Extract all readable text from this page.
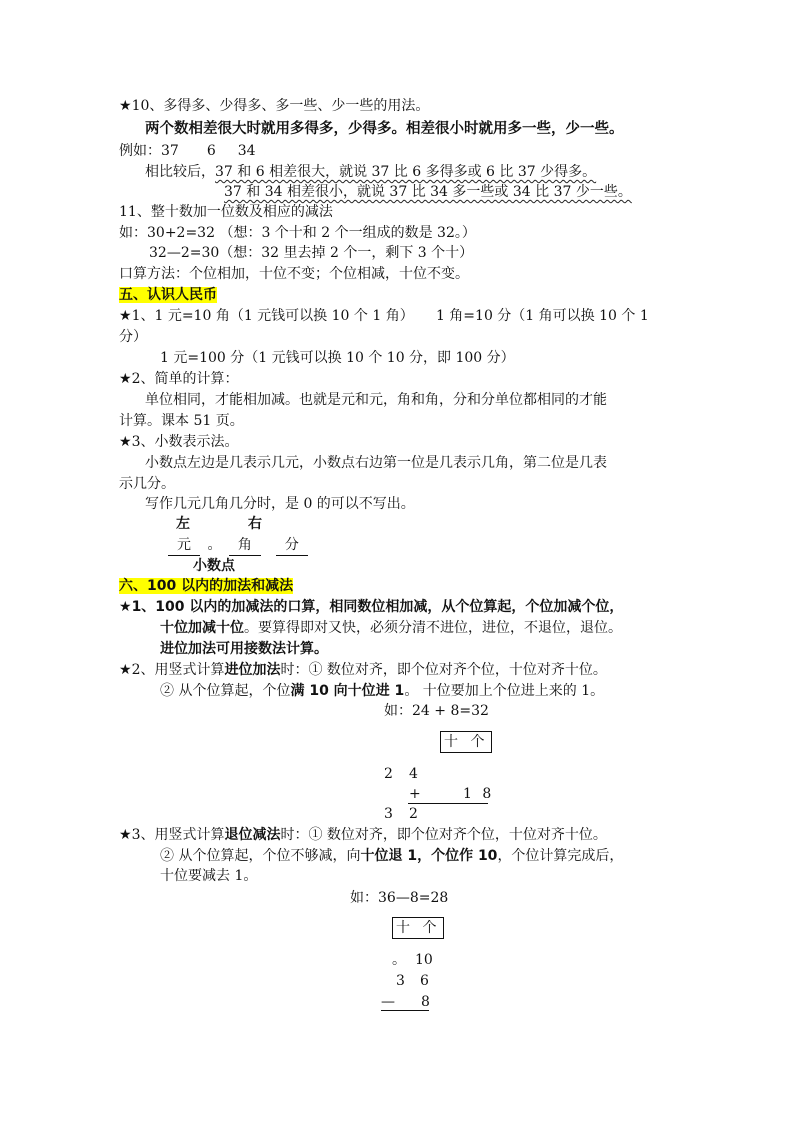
★10、多得多、少得多、多一些、少一些的用法。
两个数相差很大时就用多得多，少得多。相差很小时就用多一些，少一些。
例如：37 6 34
相比较后，37 和 6 相差很大，就说 37 比 6 多得多或 6 比 37 少得多。
37 和 34 相差很小，就说 37 比 34 多一些或 34 比 37 少一些。
11、整十数加一位数及相应的减法
如：30+2=32 （想：3 个十和 2 个一组成的数是 32。）
32—2=30（想：32 里去掉 2 个一，剩下 3 个十）
口算方法：个位相加，十位不变；个位相减，十位不变。
五、认识人民币
★1、1 元=10 角（1 元钱可以换 10 个 1 角）     1 角=10 分（1 角可以换 10 个 1
分）
1 元=100 分（1 元钱可以换 10 个 10 分，即 100 分）
★2、简单的计算：
单位相同，才能相加减。也就是元和元，角和角，分和分单位都相同的才能
计算。课本 51 页。
★3、小数表示法。
小数点左边是几表示几元，小数点右边第一位是几表示几角，第二位是几表
示几分。
写作几元几角几分时，是 0 的可以不写出。
左	右
元 。 角 分
小数点
六、100 以内的加法和减法
★1、100 以内的加减法的口算，相同数位相加减，从个位算起，个位加减个位，
十位加减十位。要算得即对又快，必须分清不进位，进位，不退位，退位。
进位加法可用接数法计算。
★2、用竖式计算进位加法时：① 数位对齐，即个位对齐个位，十位对齐十位。
② 从个位算起，个位满 10 向十位进 1。 十位要加上个位进上来的 1。
如：24 + 8=32
十 个
2 4
+	1 8
3 2
★3、用竖式计算退位减法时：① 数位对齐，即个位对齐个位，十位对齐十位。
② 从个位算起，个位不够减，向十位退 1，个位作 10，个位计算完成后，
十位要减去 1。
如：36—8=28
十 个
。 10
3 6
— 8
